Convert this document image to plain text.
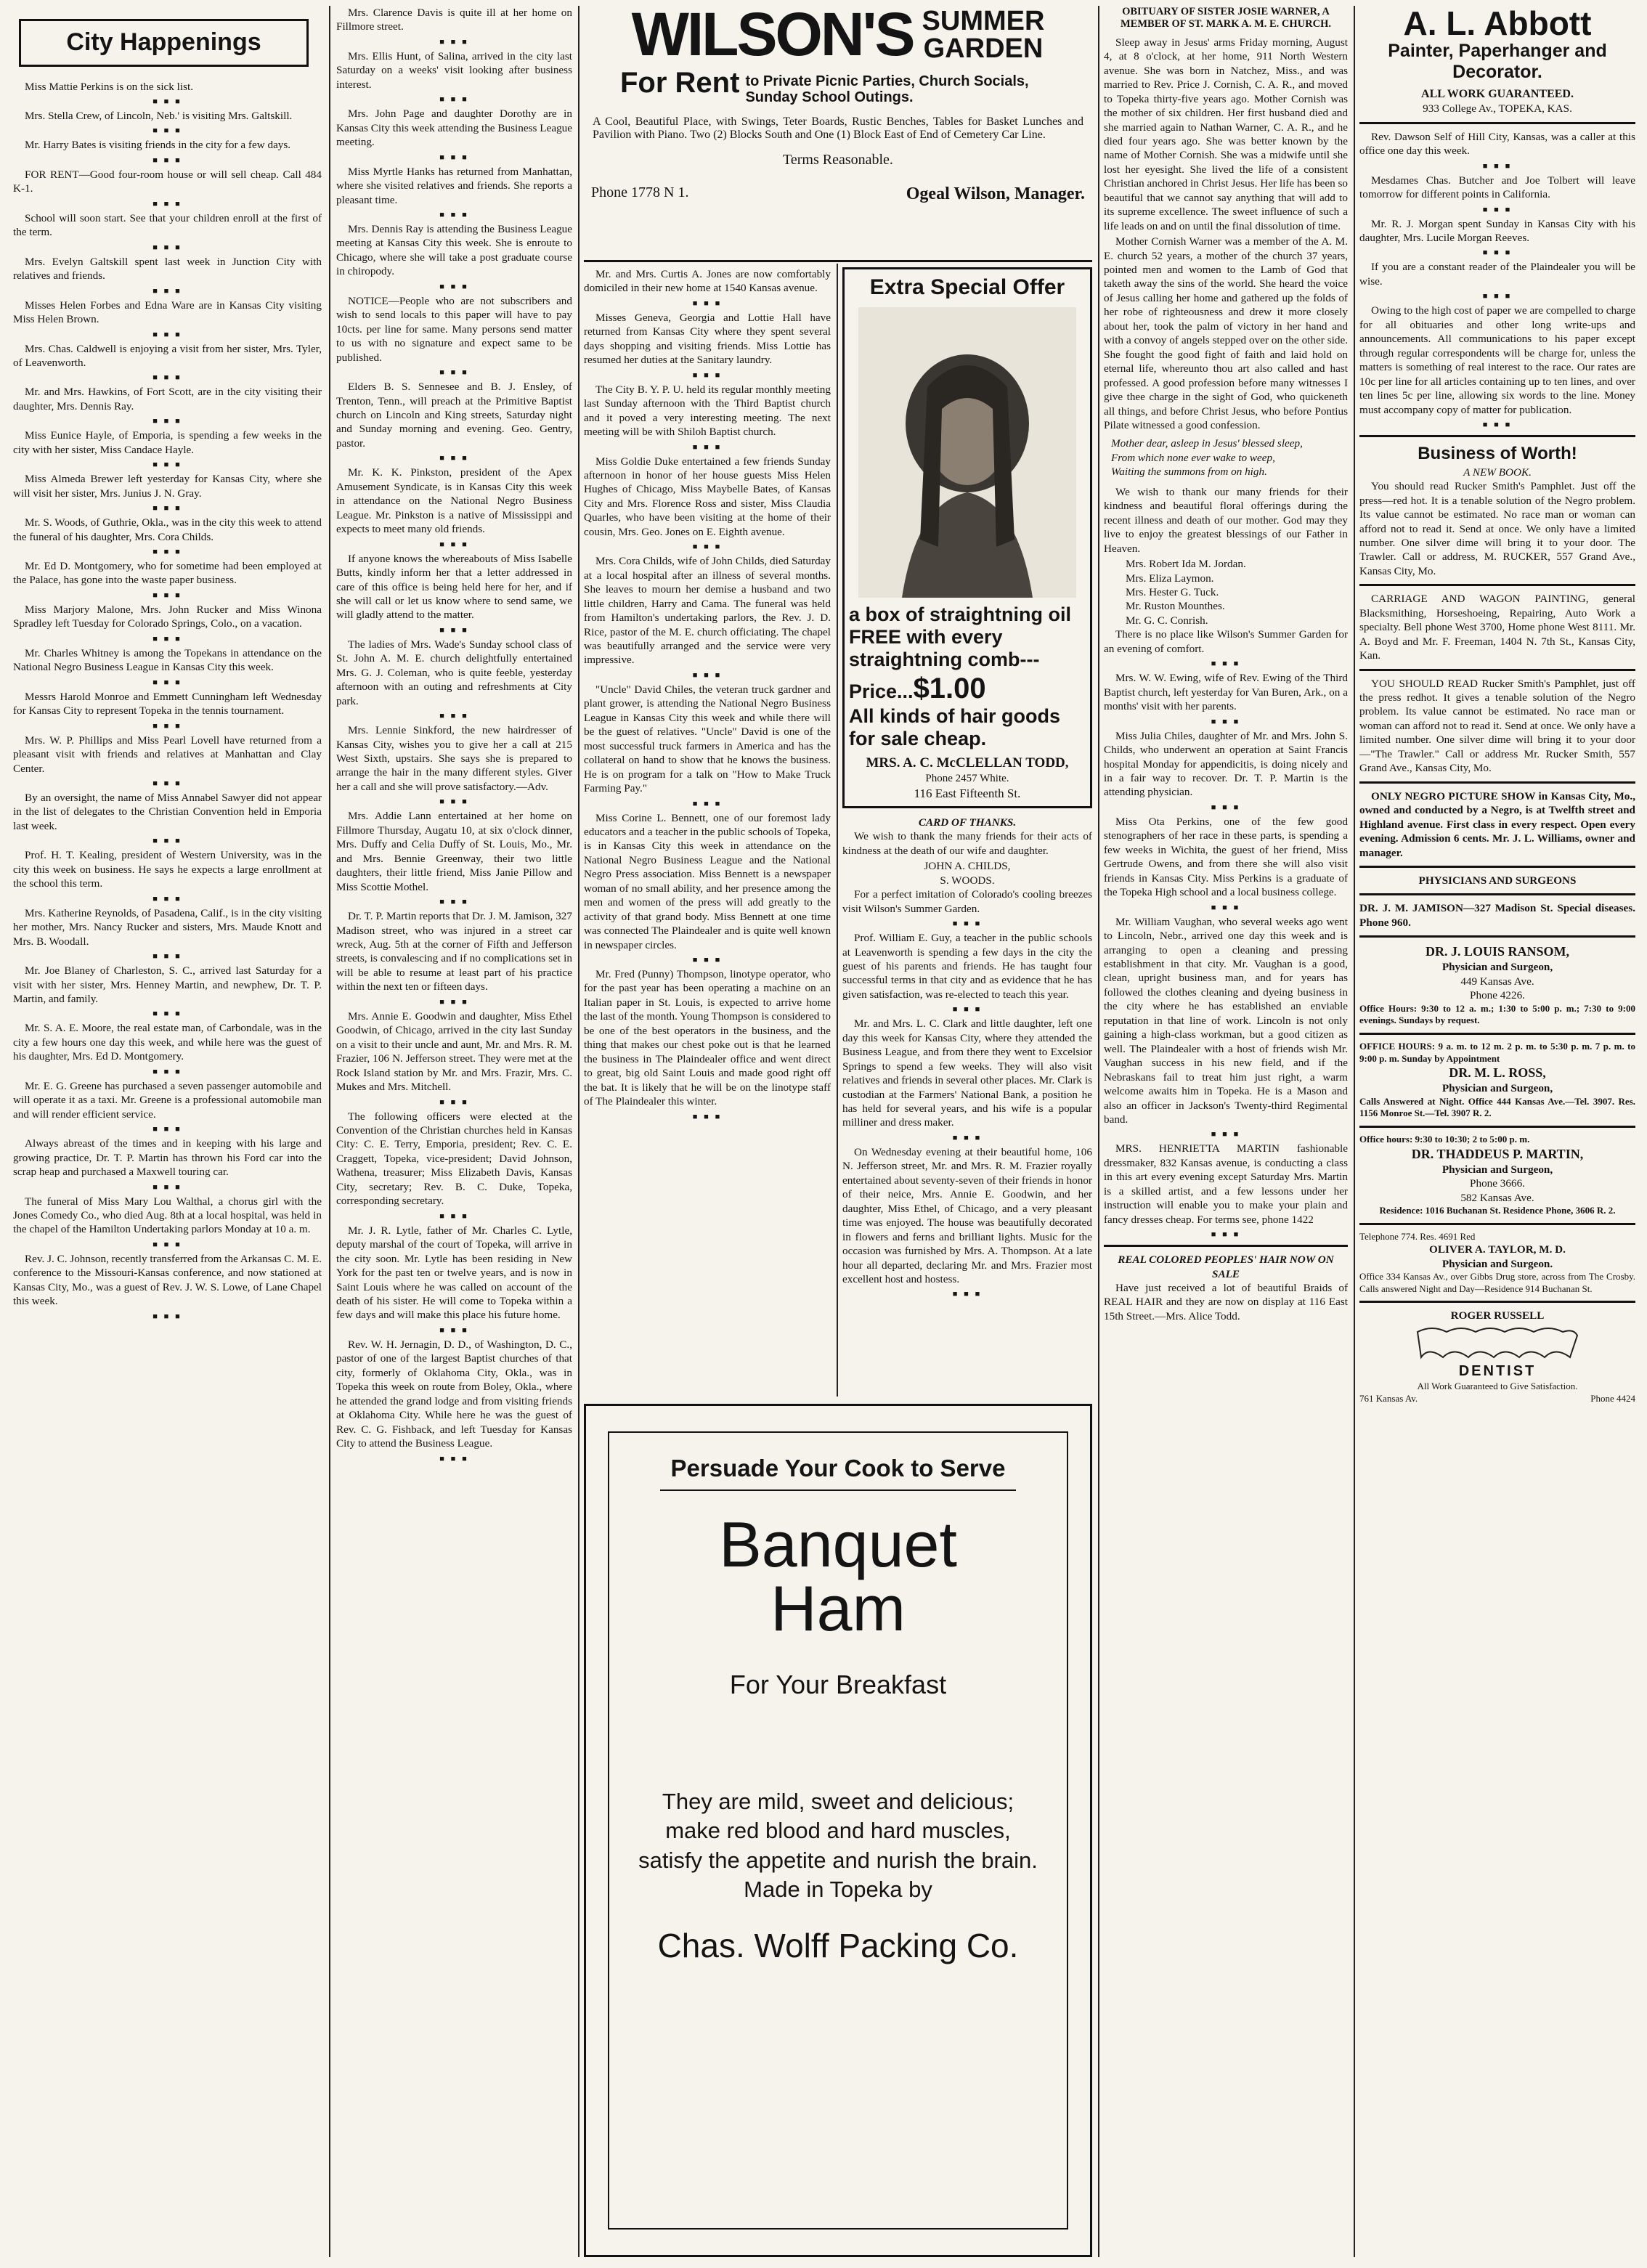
City Happenings

Miss Mattie Perkins is on the sick list.

■ ■ ■

Mrs. Stella Crew, of Lincoln, Neb.' is visiting Mrs. Galtskill.

■ ■ ■

Mr. Harry Bates is visiting friends in the city for a few days.

■ ■ ■

FOR RENT—Good four-room house or will sell cheap. Call 484 K-1.

■ ■ ■

School will soon start. See that your children enroll at the first of the term.

■ ■ ■

Mrs. Evelyn Galtskill spent last week in Junction City with relatives and friends.

■ ■ ■

Misses Helen Forbes and Edna Ware are in Kansas City visiting Miss Helen Brown.

■ ■ ■

Mrs. Chas. Caldwell is enjoying a visit from her sister, Mrs. Tyler, of Leavenworth.

■ ■ ■

Mr. and Mrs. Hawkins, of Fort Scott, are in the city visiting their daughter, Mrs. Dennis Ray.

■ ■ ■

Miss Eunice Hayle, of Emporia, is spending a few weeks in the city with her sister, Miss Candace Hayle.

■ ■ ■

Miss Almeda Brewer left yesterday for Kansas City, where she will visit her sister, Mrs. Junius J. N. Gray.

■ ■ ■

Mr. S. Woods, of Guthrie, Okla., was in the city this week to attend the funeral of his daughter, Mrs. Cora Childs.

■ ■ ■

Mr. Ed D. Montgomery, who for sometime had been employed at the Palace, has gone into the waste paper business.

■ ■ ■

Miss Marjory Malone, Mrs. John Rucker and Miss Winona Spradley left Tuesday for Colorado Springs, Colo., on a vacation.

■ ■ ■

Mr. Charles Whitney is among the Topekans in attendance on the National Negro Business League in Kansas City this week.

■ ■ ■

Messrs Harold Monroe and Emmett Cunningham left Wednesday for Kansas City to represent Topeka in the tennis tournament.

■ ■ ■

Mrs. W. P. Phillips and Miss Pearl Lovell have returned from a pleasant visit with friends and relatives at Manhattan and Clay Center.

■ ■ ■

By an oversight, the name of Miss Annabel Sawyer did not appear in the list of delegates to the Christian Convention held in Emporia last week.

■ ■ ■

Prof. H. T. Kealing, president of Western University, was in the city this week on business. He says he expects a large enrollment at the school this term.

■ ■ ■

Mrs. Katherine Reynolds, of Pasadena, Calif., is in the city visiting her mother, Mrs. Nancy Rucker and sisters, Mrs. Maude Knott and Mrs. B. Woodall.

■ ■ ■

Mr. Joe Blaney of Charleston, S. C., arrived last Saturday for a visit with her sister, Mrs. Henney Martin, and newphew, Dr. T. P. Martin, and family.

■ ■ ■

Mr. S. A. E. Moore, the real estate man, of Carbondale, was in the city a few hours one day this week, and while here was the guest of his daughter, Mrs. Ed D. Montgomery.

■ ■ ■

Mr. E. G. Greene has purchased a seven passenger automobile and will operate it as a taxi. Mr. Greene is a professional automobile man and will render efficient service.

■ ■ ■

Always abreast of the times and in keeping with his large and growing practice, Dr. T. P. Martin has thrown his Ford car into the scrap heap and purchased a Maxwell touring car.

■ ■ ■

The funeral of Miss Mary Lou Walthal, a chorus girl with the Jones Comedy Co., who died Aug. 8th at a local hospital, was held in the chapel of the Hamilton Undertaking parlors Monday at 10 a. m.

■ ■ ■

Rev. J. C. Johnson, recently transferred from the Arkansas C. M. E. conference to the Missouri-Kansas conference, and now stationed at Kansas City, Mo., was a guest of Rev. J. W. S. Lowe, of Lane Chapel this week.

■ ■ ■

Mrs. Clarence Davis is quite ill at her home on Fillmore street.

■ ■ ■

Mrs. Ellis Hunt, of Salina, arrived in the city last Saturday on a weeks' visit looking after business interest.

■ ■ ■

Mrs. John Page and daughter Dorothy are in Kansas City this week attending the Business League meeting.

■ ■ ■

Miss Myrtle Hanks has returned from Manhattan, where she visited relatives and friends. She reports a pleasant time.

■ ■ ■

Mrs. Dennis Ray is attending the Business League meeting at Kansas City this week. She is enroute to Chicago, where she will take a post graduate course in chiropody.

■ ■ ■

NOTICE—People who are not subscribers and wish to send locals to this paper will have to pay 10cts. per line for same. Many persons send matter to us with no signature and expect same to be published.

■ ■ ■

Elders B. S. Sennesee and B. J. Ensley, of Trenton, Tenn., will preach at the Primitive Baptist church on Lincoln and King streets, Saturday night and Sunday morning and evening. Geo. Gentry, pastor.

■ ■ ■

Mr. K. K. Pinkston, president of the Apex Amusement Syndicate, is in Kansas City this week in attendance on the National Negro Business League. Mr. Pinkston is a native of Mississippi and expects to meet many old friends.

■ ■ ■

If anyone knows the whereabouts of Miss Isabelle Butts, kindly inform her that a letter addressed in care of this office is being held here for her, and if she will call or let us know where to send same, we will gladly attend to the matter.

■ ■ ■

The ladies of Mrs. Wade's Sunday school class of St. John A. M. E. church delightfully entertained Mrs. G. J. Coleman, who is quite feeble, yesterday afternoon with an outing and refreshments at City park.

■ ■ ■

Mrs. Lennie Sinkford, the new hairdresser of Kansas City, wishes you to give her a call at 215 West Sixth, upstairs. She says she is prepared to arrange the hair in the many different styles. Giver her a call and she will prove satisfactory.—Adv.

■ ■ ■

Mrs. Addie Lann entertained at her home on Fillmore Thursday, Augatu 10, at six o'clock dinner, Mrs. Duffy and Celia Duffy of St. Louis, Mo., Mr. and Mrs. Bennie Greenway, their two little daughters, their little friend, Miss Janie Pillow and Miss Scottie Mothel.

■ ■ ■

Dr. T. P. Martin reports that Dr. J. M. Jamison, 327 Madison street, who was injured in a street car wreck, Aug. 5th at the corner of Fifth and Jefferson streets, is convalescing and if no complications set in will be able to resume at least part of his practice within the next ten or fifteen days.

■ ■ ■

Mrs. Annie E. Goodwin and daughter, Miss Ethel Goodwin, of Chicago, arrived in the city last Sunday on a visit to their uncle and aunt, Mr. and Mrs. R. M. Frazier, 106 N. Jefferson street. They were met at the Rock Island station by Mr. and Mrs. Frazir, Mrs. C. Mukes and Mrs. Mitchell.

■ ■ ■

The following officers were elected at the Convention of the Christian churches held in Kansas City: C. E. Terry, Emporia, president; Rev. C. E. Craggett, Topeka, vice-president; David Johnson, Wathena, treasurer; Miss Elizabeth Davis, Kansas City, secretary; Rev. B. C. Duke, Topeka, corresponding secretary.

■ ■ ■

Mr. J. R. Lytle, father of Mr. Charles C. Lytle, deputy marshal of the court of Topeka, will arrive in the city soon. Mr. Lytle has been residing in New York for the past ten or twelve years, and is now in Saint Louis where he was called on account of the death of his sister. He will come to Topeka within a few days and will make this place his future home.

■ ■ ■

Rev. W. H. Jernagin, D. D., of Washington, D. C., pastor of one of the largest Baptist churches of that city, formerly of Oklahoma City, Okla., was in Topeka this week on route from Boley, Okla., where he attended the grand lodge and from visiting friends at Oklahoma City. While here he was the guest of Rev. C. G. Fishback, and left Tuesday for Kansas City to attend the Business League.

■ ■ ■
WILSON'S SUMMER
GARDEN
For Rent to Private Picnic Parties, Church Socials, Sunday School Outings.
A Cool, Beautiful Place, with Swings, Teter Boards, Rustic Benches, Tables for Basket Lunches and Pavilion with Piano. Two (2) Blocks South and One (1) Block East of End of Cemetery Car Line.
Terms Reasonable.
Phone 1778 N 1.	Ogeal Wilson, Manager.

Mr. and Mrs. Curtis A. Jones are now comfortably domiciled in their new home at 1540 Kansas avenue.

■ ■ ■

Misses Geneva, Georgia and Lottie Hall have returned from Kansas City where they spent several days shopping and visiting friends. Miss Lottie has resumed her duties at the Sanitary laundry.

■ ■ ■

The City B. Y. P. U. held its regular monthly meeting last Sunday afternoon with the Third Baptist church and it poved a very interesting meeting. The next meeting will be with Shiloh Baptist church.

■ ■ ■

Miss Goldie Duke entertained a few friends Sunday afternoon in honor of her house guests Miss Helen Hughes of Chicago, Miss Maybelle Bates, of Kansas City and Mrs. Florence Ross and sister, Miss Claudia Quarles, who have been visiting at the home of their cousin, Mrs. Geo. Jones on E. Eighth avenue.

■ ■ ■

Mrs. Cora Childs, wife of John Childs, died Saturday at a local hospital after an illness of several months. She leaves to mourn her demise a husband and two little children, Harry and Cama. The funeral was held from Hamilton's undertaking parlors, the Rev. J. D. Rice, pastor of the M. E. church officiating. The chapel was beautifully arranged and the service were very impressive.

■ ■ ■

"Uncle" David Chiles, the veteran truck gardner and plant grower, is attending the National Negro Business League in Kansas City this week and while there will be the guest of relatives. "Uncle" David is one of the most successful truck farmers in America and has the collateral on hand to show that he knows the business. He is on program for a talk on "How to Make Truck Farming Pay."

■ ■ ■

Miss Corine L. Bennett, one of our foremost lady educators and a teacher in the public schools of Topeka, is in Kansas City this week in attendance on the National Negro Business League and the National Negro Press association. Miss Bennett is a newspaper woman of no small ability, and her presence among the men and women of the press will add greatly to the activity of that grand body. Miss Bennett at one time was connected The Plaindealer and is quite well known in newspaper circles.

■ ■ ■

Mr. Fred (Punny) Thompson, linotype operator, who for the past year has been operating a machine on an Italian paper in St. Louis, is expected to arrive home the last of the month. Young Thompson is considered to be one of the best operators in the business, and the thing that makes our chest poke out is that he learned the business in The Plaindealer office and went direct to great, big old Saint Louis and made good right off the bat. It is likely that he will be on the linotype staff of The Plaindealer this winter.

■ ■ ■
Extra Special Offer
a box of straightning oil FREE with every straightning comb---Price...$1.00
All kinds of hair goods for sale cheap.
MRS. A. C. McCLELLAN TODD,
Phone 2457 White.
116 East Fifteenth St.
CARD OF THANKS.

We wish to thank the many friends for their acts of kindness at the death of our wife and daughter.

JOHN A. CHILDS,
S. WOODS.

For a perfect imitation of Colorado's cooling breezes visit Wilson's Summer Garden.

■ ■ ■

Prof. William E. Guy, a teacher in the public schools at Leavenworth is spending a few days in the city the guest of his parents and friends. He has taught four successful terms in that city and as evidence that he has given satisfaction, was re-elected to teach this year.

■ ■ ■

Mr. and Mrs. L. C. Clark and little daughter, left one day this week for Kansas City, where they attended the Business League, and from there they went to Excelsior Springs to spend a few weeks. They will also visit relatives and friends in several other places. Mr. Clark is custodian at the Farmers' National Bank, a position he has held for several years, and his wife is a popular milliner and dress maker.

■ ■ ■

On Wednesday evening at their beautiful home, 106 N. Jefferson street, Mr. and Mrs. R. M. Frazier royally entertained about seventy-seven of their friends in honor of their neice, Mrs. Annie E. Goodwin, and her daughter, Miss Ethel, of Chicago, and a very pleasant time was enjoyed. The house was beautifully decorated in flowers and ferns and brilliant lights. Music for the occasion was furnished by Mrs. A. Thompson. At a late hour all departed, declaring Mr. and Mrs. Frazier most excellent host and hostess.

■ ■ ■
Persuade Your Cook to Serve
Banquet
Ham
For Your Breakfast
They are mild, sweet and delicious; make red blood and hard muscles, satisfy the appetite and nurish the brain. Made in Topeka by
Chas. Wolff Packing Co.
OBITUARY OF SISTER JOSIE WARNER, A MEMBER OF ST. MARK A. M. E. CHURCH.

Sleep away in Jesus' arms Friday morning, August 4, at 8 o'clock, at her home, 911 North Western avenue. She was born in Natchez, Miss., and was married to Rev. Price J. Cornish, C. A. R., and moved to Topeka thirty-five years ago. Mother Cornish was the mother of six children. Her first husband died and she married again to Nathan Warner, C. A. R., and he died four years ago. She was better known by the name of Mother Cornish. She was a midwife until she lost her eyesight. She lived the life of a consistent Christian anchored in Christ Jesus. Her life has been so beautiful that we cannot say anything that will add to its supreme excellence. The sweet influence of such a life leads on and on until the final dissolution of time.

Mother Cornish Warner was a member of the A. M. E. church 52 years, a mother of the church 37 years, pointed men and women to the Lamb of God that taketh away the sins of the world. She heard the voice of Jesus calling her home and gathered up the folds of her robe of righteousness and drew it more closely about her, took the palm of victory in her hand and with a convoy of angels stepped over on the other side. She fought the good fight of faith and laid hold on eternal life, whereunto thou art also called and hast professed. A good profession before many witnesses I give thee charge in the sight of God, who quickeneth all things, and before Christ Jesus, who before Pontius Pilate witnessed a good confession.

Mother dear, asleep in Jesus' blessed sleep,
From which none ever wake to weep,
Waiting the summons from on high.

We wish to thank our many friends for their kindness and beautiful floral offerings during the recent illness and death of our mother. God may they live to enjoy the greatest blessings of our Father in Heaven.

Mrs. Robert Ida M. Jordan.
Mrs. Eliza Laymon.
Mrs. Hester G. Tuck.
Mr. Ruston Mounthes.
Mr. G. C. Conrish.

There is no place like Wilson's Summer Garden for an evening of comfort.

■ ■ ■

Mrs. W. W. Ewing, wife of Rev. Ewing of the Third Baptist church, left yesterday for Van Buren, Ark., on a months' visit with her parents.

■ ■ ■

Miss Julia Chiles, daughter of Mr. and Mrs. John S. Childs, who underwent an operation at Saint Francis hospital Monday for appendicitis, is doing nicely and in a fair way to recover. Dr. T. P. Martin is the attending physician.

■ ■ ■

Miss Ota Perkins, one of the few good stenographers of her race in these parts, is spending a few weeks in Wichita, the guest of her friend, Miss Gertrude Owens, and from there she will also visit friends in Kansas City. Miss Perkins is a graduate of the Topeka High school and a local business college.

■ ■ ■

Mr. William Vaughan, who several weeks ago went to Lincoln, Nebr., arrived one day this week and is arranging to open a cleaning and pressing establishment in that city. Mr. Vaughan is a good, clean, upright business man, and for years has followed the clothes cleaning and dyeing business in the city where he has established an enviable reputation in that line of work. Lincoln is not only gaining a high-class workman, but a good citizen as well. The Plaindealer with a host of friends wish Mr. Vaughan success in his new field, and if the Nebraskans fail to treat him just right, a warm welcome awaits him in Topeka. He is a Mason and also an officer in Jackson's Twenty-third Regimental band.

■ ■ ■

MRS. HENRIETTA MARTIN fashionable dressmaker, 832 Kansas avenue, is conducting a class in this art every evening except Saturday Mrs. Martin is a skilled artist, and a few lessons under her instruction will enable you to make your plain and fancy dresses cheap. For terms see, phone 1422

■ ■ ■
REAL COLORED PEOPLES' HAIR NOW ON SALE

Have just received a lot of beautiful Braids of REAL HAIR and they are now on display at 116 East 15th Street.—Mrs. Alice Todd.

A. L. Abbott
Painter, Paperhanger and Decorator.
ALL WORK GUARANTEED.
933 College Av., TOPEKA, KAS.

Rev. Dawson Self of Hill City, Kansas, was a caller at this office one day this week.

■ ■ ■

Mesdames Chas. Butcher and Joe Tolbert will leave tomorrow for different points in California.

■ ■ ■

Mr. R. J. Morgan spent Sunday in Kansas City with his daughter, Mrs. Lucile Morgan Reeves.

■ ■ ■

If you are a constant reader of the Plaindealer you will be wise.

■ ■ ■

Owing to the high cost of paper we are compelled to charge for all obituaries and other long write-ups and announcements. All communications to his paper except through regular correspondents will be charge for, unless the matters is something of real interest to the race. Our rates are 10c per line for all articles containing up to ten lines, and over ten lines 5c per line, allowing six words to the line. Money must accompany copy of matter for publication.

■ ■ ■
Business of Worth!
A NEW BOOK.

You should read Rucker Smith's Pamphlet. Just off the press—red hot. It is a tenable solution of the Negro problem. Its value cannot be estimated. No race man or woman can afford not to read it. Send at once. We only have a limited number. One silver dime will bring it to your door. The Trawler. Call or address, M. RUCKER, 557 Grand Ave., Kansas City, Mo.

CARRIAGE AND WAGON PAINTING, general Blacksmithing, Horseshoeing, Repairing, Auto Work a specialty. Bell phone West 3700, Home phone West 8111. Mr. A. Boyd and Mr. F. Freeman, 1404 N. 7th St., Kansas City, Kan.

YOU SHOULD READ Rucker Smith's Pamphlet, just off the press redhot. It gives a tenable solution of the Negro problem. Its value cannot be estimated. No race man or woman can afford not to read it. Send at once. We only have a limited number. One silver dime will bring it to your door—"The Trawler." Call or address Mr. Rucker Smith, 557 Grand Ave., Kansas City, Mo.

ONLY NEGRO PICTURE SHOW in Kansas City, Mo., owned and conducted by a Negro, is at Twelfth street and Highland avenue. First class in every respect. Open every evening. Admission 6 cents. Mr. J. L. Williams, owner and manager.

PHYSICIANS AND SURGEONS
DR. J. M. JAMISON—327 Madison St. Special diseases. Phone 960.
DR. J. LOUIS RANSOM,
Physician and Surgeon,
449 Kansas Ave.
Phone 4226.
Office Hours: 9:30 to 12 a. m.; 1:30 to 5:00 p. m.; 7:30 to 9:00 evenings. Sundays by request.
OFFICE HOURS: 9 a. m. to 12 m. 2 p. m. to 5:30 p. m. 7 p. m. to 9:00 p. m. Sunday by Appointment
DR. M. L. ROSS,
Physician and Surgeon,
Calls Answered at Night. Office 444 Kansas Ave.—Tel. 3907. Res. 1156 Monroe St.—Tel. 3907 R. 2.
Office hours: 9:30 to 10:30; 2 to 5:00 p. m.
DR. THADDEUS P. MARTIN,
Physician and Surgeon,
Phone 3666.
582 Kansas Ave.
Residence: 1016 Buchanan St. Residence Phone, 3606 R. 2.
Telephone 774. Res. 4691 Red
OLIVER A. TAYLOR, M. D.
Physician and Surgeon.
Office 334 Kansas Av., over Gibbs Drug store, across from The Crosby. Calls answered Night and Day—Residence 914 Buchanan St.
ROGER RUSSELL
DENTIST
All Work Guaranteed to Give Satisfaction.
761 Kansas Av.	Phone 4424
